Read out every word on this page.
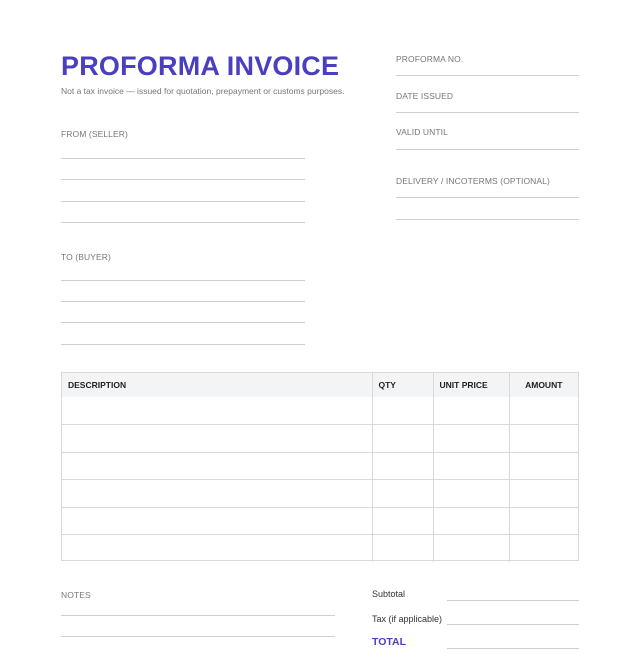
PROFORMA INVOICE
Not a tax invoice — issued for quotation, prepayment or customs purposes.
PROFORMA NO.
DATE ISSUED
VALID UNTIL
DELIVERY / INCOTERMS (OPTIONAL)
FROM (SELLER)
TO (BUYER)
DESCRIPTION	QTY	UNIT PRICE	AMOUNT

NOTES	Subtotal
Tax (if applicable)
TOTAL
